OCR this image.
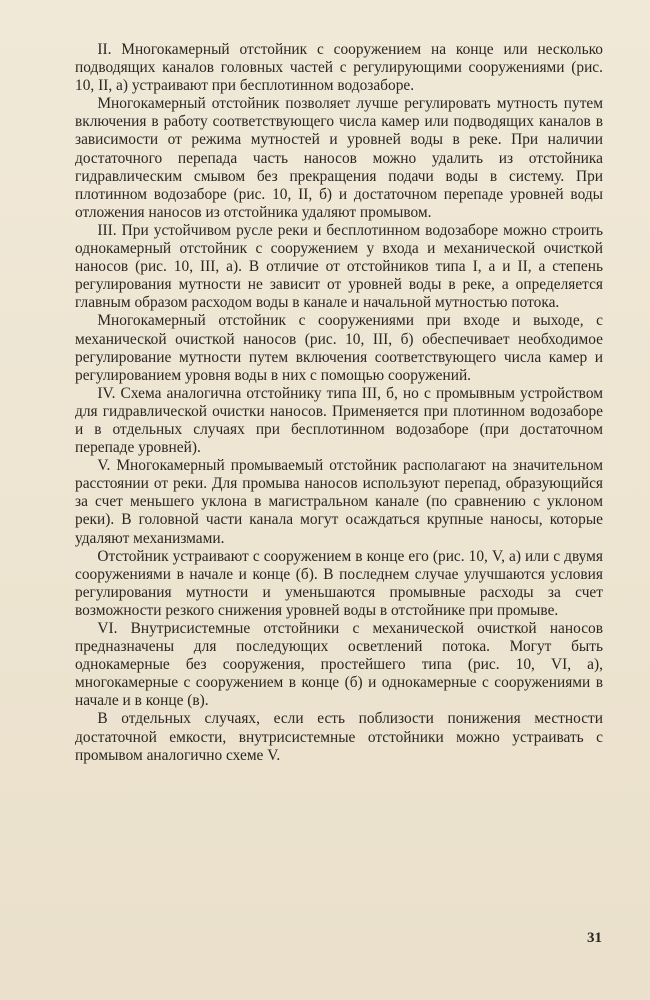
II. Многокамерный отстойник с сооружением на конце или несколько подводящих каналов головных частей с регулирующими сооружениями (рис. 10, II, а) устраивают при бесплотинном водозаборе.

Многокамерный отстойник позволяет лучше регулировать мутность путем включения в работу соответствующего числа камер или подводящих каналов в зависимости от режима мутностей и уровней воды в реке. При наличии достаточного перепада часть наносов можно удалить из отстойника гидравлическим смывом без прекращения подачи воды в систему. При плотинном водозаборе (рис. 10, II, б) и достаточном перепаде уровней воды отложения наносов из отстойника удаляют промывом.

III. При устойчивом русле реки и бесплотинном водозаборе можно строить однокамерный отстойник с сооружением у входа и механической очисткой наносов (рис. 10, III, а). В отличие от отстойников типа I, а и II, а степень регулирования мутности не зависит от уровней воды в реке, а определяется главным образом расходом воды в канале и начальной мутностью потока.

Многокамерный отстойник с сооружениями при входе и выходе, с механической очисткой наносов (рис. 10, III, б) обеспечивает необходимое регулирование мутности путем включения соответствующего числа камер и регулированием уровня воды в них с помощью сооружений.

IV. Схема аналогична отстойнику типа III, б, но с промывным устройством для гидравлической очистки наносов. Применяется при плотинном водозаборе и в отдельных случаях при бесплотинном водозаборе (при достаточном перепаде уровней).

V. Многокамерный промываемый отстойник располагают на значительном расстоянии от реки. Для промыва наносов используют перепад, образующийся за счет меньшего уклона в магистральном канале (по сравнению с уклоном реки). В головной части канала могут осаждаться крупные наносы, которые удаляют механизмами.

Отстойник устраивают с сооружением в конце его (рис. 10, V, а) или с двумя сооружениями в начале и конце (б). В последнем случае улучшаются условия регулирования мутности и уменьшаются промывные расходы за счет возможности резкого снижения уровней воды в отстойнике при промыве.

VI. Внутрисистемные отстойники с механической очисткой наносов предназначены для последующих осветлений потока. Могут быть однокамерные без сооружения, простейшего типа (рис. 10, VI, а), многокамерные с сооружением в конце (б) и однокамерные с сооружениями в начале и в конце (в).

В отдельных случаях, если есть поблизости понижения местности достаточной емкости, внутрисистемные отстойники можно устраивать с промывом аналогично схеме V.

31
